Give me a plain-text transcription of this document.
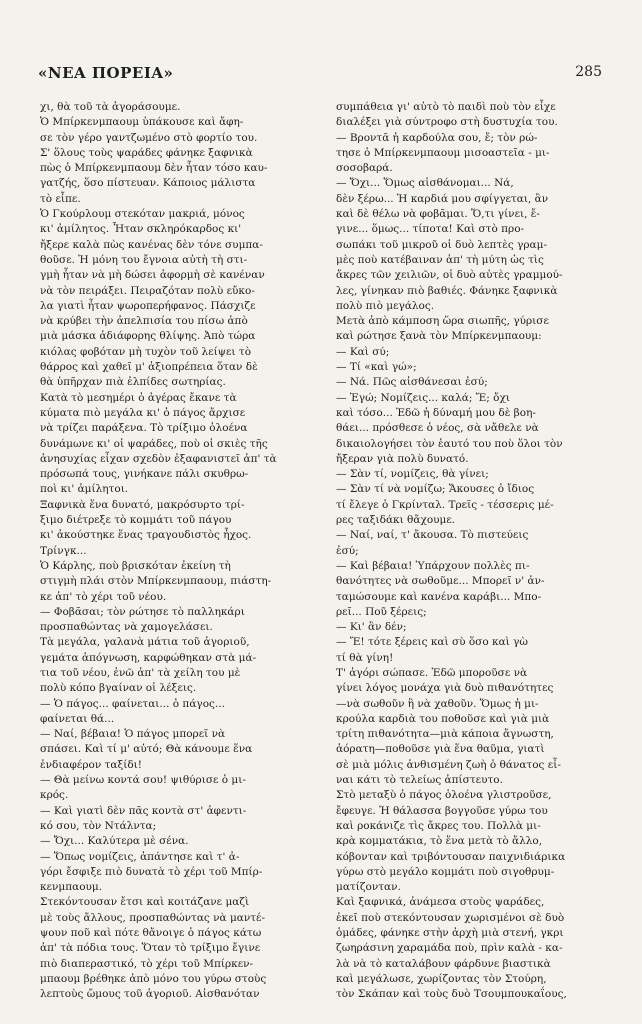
«ΝΕΑ ΠΟΡΕΙΑ»	285

χι, θὰ τοῦ τὰ ἀγοράσουμε.

Ὁ Μπίρκενμπαουμ ὑπάκουσε καὶ ἄφη-

σε τὸν γέρο γαντζωμένο στὸ φορτίο του.

Σ' ὅλους τοὺς ψαράδες φάνηκε ξαφνικὰ

πὼς ὁ Μπίρκενμπαουμ δὲν ἦταν τόσο καυ-

γατζής, ὅσο πίστευαν. Κάποιος μάλιστα

τὸ εἶπε.

Ὁ Γκούρλουμ στεκόταν μακριά, μόνος

κι' ἀμίλητος. Ἦταν σκληρόκαρδος κι'

ἤξερε καλὰ πὼς κανένας δὲν τόνε συμπα-

θοῦσε. Ἡ μόνη του ἔγνοια αὐτὴ τὴ στι-

γμὴ ἦταν νὰ μὴ δώσει ἀφορμὴ σὲ κανέναν

νὰ τὸν πειράξει. Πειραζόταν πολὺ εὔκο-

λα γιατὶ ἦταν ψωροπερήφανος. Πάσχιζε

νὰ κρύβει τὴν ἀπελπισία του πίσω ἀπὸ

μιὰ μάσκα ἀδιάφορης θλίψης. Ἀπὸ τώρα

κιόλας φοβόταν μὴ τυχὸν τοῦ λείψει τὸ

θάρρος καὶ χαθεῖ μ' ἀξιοπρέπεια ὅταν δὲ

θὰ ὑπῆρχαν πιὰ ἐλπίδες σωτηρίας.

Κατὰ τὸ μεσημέρι ὁ ἀγέρας ἔκανε τὰ

κύματα πιὸ μεγάλα κι' ὁ πάγος ἄρχισε

νὰ τρίζει παράξενα. Τὸ τρίξιμο ὁλοένα

δυνάμωνε κι' οἱ ψαράδες, ποὺ οἱ σκιὲς τῆς

ἀνησυχίας εἶχαν σχεδὸν ἐξαφανιστεῖ ἀπ' τὰ

πρόσωπά τους, γινήκανε πάλι σκυθρω-

ποὶ κι' ἀμίλητοι.

Ξαφνικὰ ἕνα δυνατό, μακρόσυρτο τρί-

ξιμο διέτρεξε τὸ κομμάτι τοῦ πάγου

κι' ἀκούστηκε ἕνας τραγουδιστὸς ἦχος.

Τρίνγκ...

Ὁ Κάρλης, ποὺ βρισκόταν ἐκείνη τὴ

στιγμὴ πλάι στὸν Μπίρκενμπαουμ, πιάστη-

κε ἀπ' τὸ χέρι τοῦ νέου.

— Φοβᾶσαι; τὸν ρώτησε τὸ παλληκάρι

προσπαθώντας νὰ χαμογελάσει.

Τὰ μεγάλα, γαλανὰ μάτια τοῦ ἀγοριοῦ,

γεμάτα ἀπόγνωση, καρφώθηκαν στὰ μά-

τια τοῦ νέου, ἐνῶ ἀπ' τὰ χείλη του μὲ

πολὺ κόπο βγαίναν οἱ λέξεις.

— Ὁ πάγος... φαίνεται... ὁ πάγος...

φαίνεται θά...

— Ναί, βέβαια! Ὁ πάγος μπορεῖ νὰ

σπάσει. Καὶ τί μ' αὐτό; Θὰ κάνουμε ἕνα

ἐνδιαφέρον ταξίδι!

— Θὰ μείνω κοντά σου! ψιθύρισε ὁ μι-

κρός.

— Καὶ γιατὶ δὲν πᾶς κοντὰ στ' ἀφεντι-

κό σου, τὸν Ντάλντα;

— Ὄχι... Καλύτερα μὲ σένα.

— Ὅπως νομίζεις, ἀπάντησε καὶ τ' ἀ-

γόρι ἔσφιξε πιὸ δυνατὰ τὸ χέρι τοῦ Μπίρ-

κενμπαουμ.

Στεκόντουσαν ἔτσι καὶ κοιτάζανε μαζὶ

μὲ τοὺς ἄλλους, προσπαθώντας νὰ μαντέ-

ψουν ποῦ καὶ πότε θἄνοιγε ὁ πάγος κάτω

ἀπ' τὰ πόδια τους. Ὅταν τὸ τρίξιμο ἔγινε

πιὸ διαπεραστικό, τὸ χέρι τοῦ Μπίρκεν-

μπαουμ βρέθηκε ἀπὸ μόνο του γύρω στοὺς

λεπτοὺς ὤμους τοῦ ἀγοριοῦ. Αἰσθανόταν

συμπάθεια γι' αὐτὸ τὸ παιδὶ ποὺ τὸν εἶχε

διαλέξει γιὰ σύντροφο στὴ δυστυχία του.

— Βροντᾶ ἡ καρδούλα σου, ἔ; τὸν ρώ-

τησε ὁ Μπίρκενμπαουμ μισοαστεῖα - μι-

σοσοβαρά.

— Ὄχι... Ὅμως αἰσθάνομαι... Νά,

δὲν ξέρω... Ἡ καρδιά μου σφίγγεται, ἂν

καὶ δὲ θέλω νὰ φοβᾶμαι. Ὅ,τι γίνει, ἔ-

γινε... ὅμως... τίποτα! Καὶ στὸ προ-

σωπάκι τοῦ μικροῦ οἱ δυὸ λεπτὲς γραμ-

μὲς ποὺ κατέβαιναν ἀπ' τὴ μύτη ὡς τὶς

ἄκρες τῶν χειλιῶν, οἱ δυὸ αὐτὲς γραμμού-

λες, γίνηκαν πιὸ βαθιές. Φάνηκε ξαφνικὰ

πολὺ πιὸ μεγάλος.

Μετὰ ἀπὸ κάμποση ὥρα σιωπῆς, γύρισε

καὶ ρώτησε ξανὰ τὸν Μπίρκενμπαουμ:

— Καὶ σύ;

— Τί «καὶ γώ»;

— Νά. Πῶς αἰσθάνεσαι ἐσύ;

— Ἐγώ; Νομίζεις... καλά; Ἔ; ὄχι

καὶ τόσο... Ἐδῶ ἡ δύναμή μου δὲ βοη-

θάει... πρόσθεσε ὁ νέος, σὰ νἄθελε νὰ

δικαιολογήσει τὸν ἑαυτό του ποὺ ὅλοι τὸν

ἤξεραν γιὰ πολὺ δυνατό.

— Σὰν τί, νομίζεις, θὰ γίνει;

— Σὰν τί νὰ νομίζω; Ἄκουσες ὁ ἴδιος

τί ἔλεγε ὁ Γκρίνταλ. Τρεῖς - τέσσερις μέ-

ρες ταξιδάκι θἄχουμε.

— Ναί, ναί, τ' ἄκουσα. Τὸ πιστεύεις

ἐσύ;

— Καὶ βέβαια! Ὑπάρχουν πολλὲς πι-

θανότητες νὰ σωθοῦμε... Μπορεῖ ν' ἀν-

ταμώσουμε καὶ κανένα καράβι... Μπο-

ρεῖ... Ποῦ ξέρεις;

— Κι' ἂν δέν;

— Ἔ! τότε ξέρεις καὶ σὺ ὅσο καὶ γὼ

τί θὰ γίνη!

Τ' ἀγόρι σώπασε. Ἐδῶ μποροῦσε νὰ

γίνει λόγος μονάχα γιὰ δυὸ πιθανότητες

—νὰ σωθοῦν ἢ νὰ χαθοῦν. Ὅμως ἡ μι-

κρούλα καρδιὰ του ποθοῦσε καὶ γιὰ μιὰ

τρίτη πιθανότητα—μιὰ κάποια ἄγνωστη,

ἀόρατη—ποθοῦσε γιὰ ἕνα θαῦμα, γιατὶ

σὲ μιὰ μόλις ἀνθισμένη ζωὴ ὁ θάνατος εἶ-

ναι κάτι τὸ τελείως ἀπίστευτο.

Στὸ μεταξὺ ὁ πάγος ὁλοένα γλιστροῦσε,

ἔφευγε. Ἡ θάλασσα βογγοῦσε γύρω του

καὶ ροκάνιζε τὶς ἄκρες του. Πολλὰ μι-

κρὰ κομματάκια, τὸ ἕνα μετὰ τὸ ἄλλο,

κόβονταν καὶ τριβόντουσαν παιχνιδιάρικα

γύρω στὸ μεγάλο κομμάτι ποὺ σιγοθρυμ-

ματίζονταν.

Καὶ ξαφνικά, ἀνάμεσα στοὺς ψαράδες,

ἐκεῖ ποὺ στεκόντουσαν χωρισμένοι σὲ δυὸ

ὁμάδες, φάνηκε στὴν ἀρχὴ μιὰ στενή, γκρι

ζωηράσινη χαραμάδα ποὺ, πρὶν καλὰ - κα-

λὰ νὰ τὸ καταλάβουν φάρδυνε βιαστικὰ

καὶ μεγάλωσε, χωρίζοντας τὸν Στούρη,

τὸν Σκάπαν καὶ τοὺς δυὸ Τσουμπουκαΐους,
